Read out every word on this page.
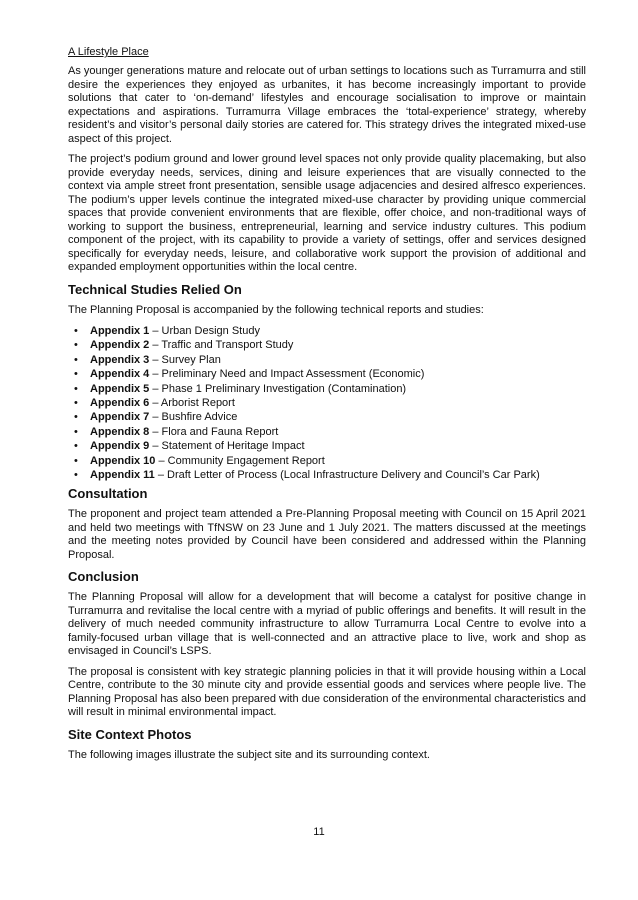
A Lifestyle Place

As younger generations mature and relocate out of urban settings to locations such as Turramurra and still desire the experiences they enjoyed as urbanites, it has become increasingly important to provide solutions that cater to ‘on-demand’ lifestyles and encourage socialisation to improve or maintain expectations and aspirations. Turramurra Village embraces the ‘total-experience’ strategy, whereby resident’s and visitor’s personal daily stories are catered for. This strategy drives the integrated mixed-use aspect of this project.

The project’s podium ground and lower ground level spaces not only provide quality placemaking, but also provide everyday needs, services, dining and leisure experiences that are visually connected to the context via ample street front presentation, sensible usage adjacencies and desired alfresco experiences. The podium’s upper levels continue the integrated mixed-use character by providing unique commercial spaces that provide convenient environments that are flexible, offer choice, and non-traditional ways of working to support the business, entrepreneurial, learning and service industry cultures. This podium component of the project, with its capability to provide a variety of settings, offer and services designed specifically for everyday needs, leisure, and collaborative work support the provision of additional and expanded employment opportunities within the local centre.

Technical Studies Relied On

The Planning Proposal is accompanied by the following technical reports and studies:

• Appendix 1 – Urban Design Study
• Appendix 2 – Traffic and Transport Study
• Appendix 3 – Survey Plan
• Appendix 4 – Preliminary Need and Impact Assessment (Economic)
• Appendix 5 – Phase 1 Preliminary Investigation (Contamination)
• Appendix 6 – Arborist Report
• Appendix 7 – Bushfire Advice
• Appendix 8 – Flora and Fauna Report
• Appendix 9 – Statement of Heritage Impact
• Appendix 10 – Community Engagement Report
• Appendix 11 – Draft Letter of Process (Local Infrastructure Delivery and Council’s Car Park)
Consultation

The proponent and project team attended a Pre-Planning Proposal meeting with Council on 15 April 2021 and held two meetings with TfNSW on 23 June and 1 July 2021. The matters discussed at the meetings and the meeting notes provided by Council have been considered and addressed within the Planning Proposal.

Conclusion

The Planning Proposal will allow for a development that will become a catalyst for positive change in Turramurra and revitalise the local centre with a myriad of public offerings and benefits. It will result in the delivery of much needed community infrastructure to allow Turramurra Local Centre to evolve into a family-focused urban village that is well-connected and an attractive place to live, work and shop as envisaged in Council’s LSPS.

The proposal is consistent with key strategic planning policies in that it will provide housing within a Local Centre, contribute to the 30 minute city and provide essential goods and services where people live. The Planning Proposal has also been prepared with due consideration of the environmental characteristics and will result in minimal environmental impact.

Site Context Photos

The following images illustrate the subject site and its surrounding context.

11
